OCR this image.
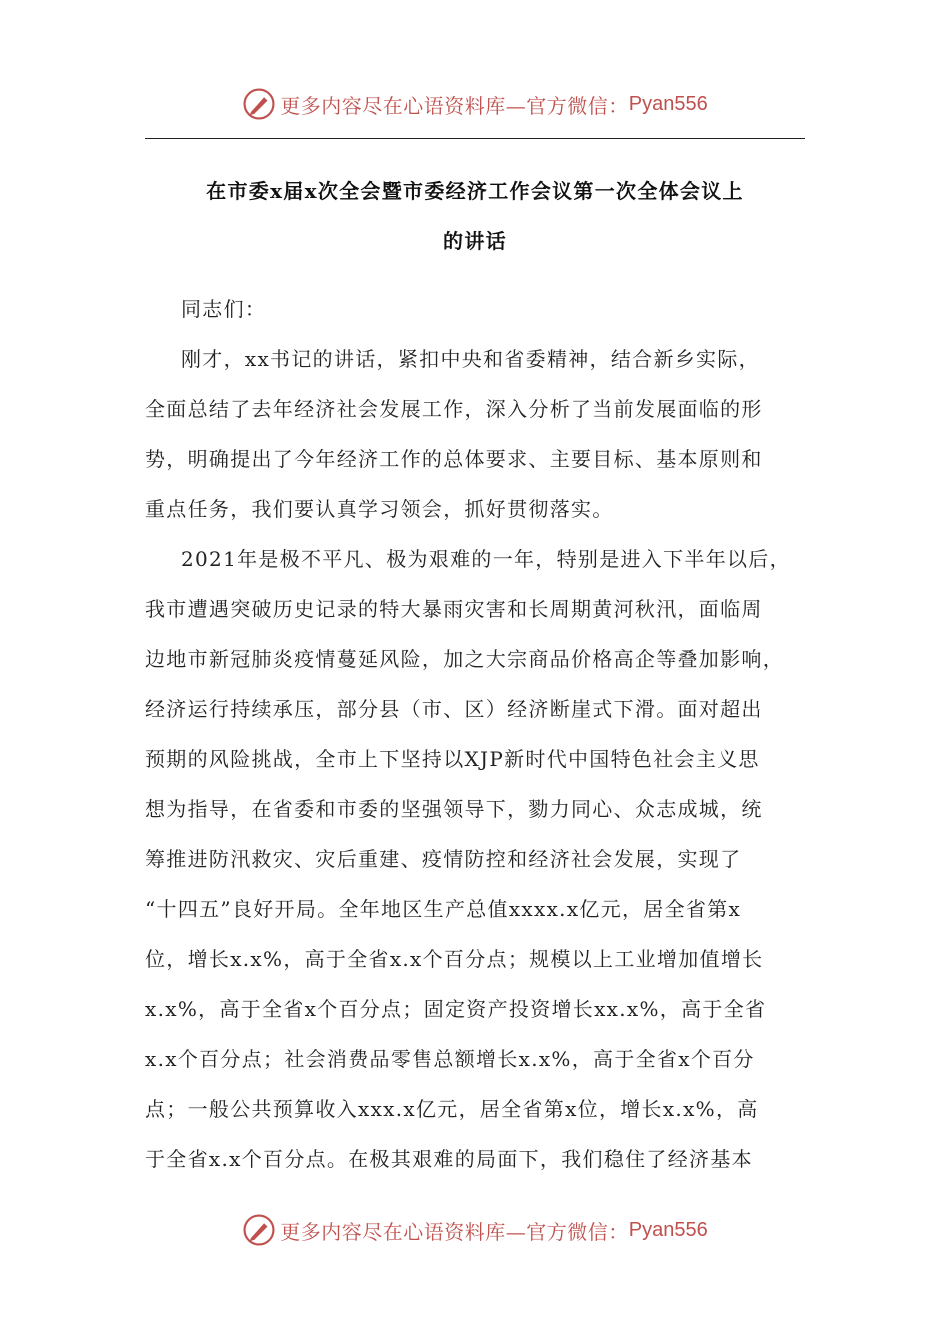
更多内容尽在心语资料库—官方微信： Pyan556
在市委x届x次全会暨市委经济工作会议第一次全体会议上
的讲话
同志们：
刚才，xx书记的讲话，紧扣中央和省委精神，结合新乡实际，
全面总结了去年经济社会发展工作，深入分析了当前发展面临的形
势，明确提出了今年经济工作的总体要求、主要目标、基本原则和
重点任务，我们要认真学习领会，抓好贯彻落实。
2021年是极不平凡、极为艰难的一年，特别是进入下半年以后，
我市遭遇突破历史记录的特大暴雨灾害和长周期黄河秋汛，面临周
边地市新冠肺炎疫情蔓延风险，加之大宗商品价格高企等叠加影响，
经济运行持续承压，部分县（市、区）经济断崖式下滑。面对超出
预期的风险挑战，全市上下坚持以XJP新时代中国特色社会主义思
想为指导，在省委和市委的坚强领导下，勠力同心、众志成城，统
筹推进防汛救灾、灾后重建、疫情防控和经济社会发展，实现了
“十四五”良好开局。全年地区生产总值xxxx.x亿元，居全省第x
位，增长x.x%，高于全省x.x个百分点；规模以上工业增加值增长
x.x%，高于全省x个百分点；固定资产投资增长xx.x%，高于全省
x.x个百分点；社会消费品零售总额增长x.x%，高于全省x个百分
点；一般公共预算收入xxx.x亿元，居全省第x位，增长x.x%，高
于全省x.x个百分点。在极其艰难的局面下，我们稳住了经济基本
更多内容尽在心语资料库—官方微信： Pyan556
